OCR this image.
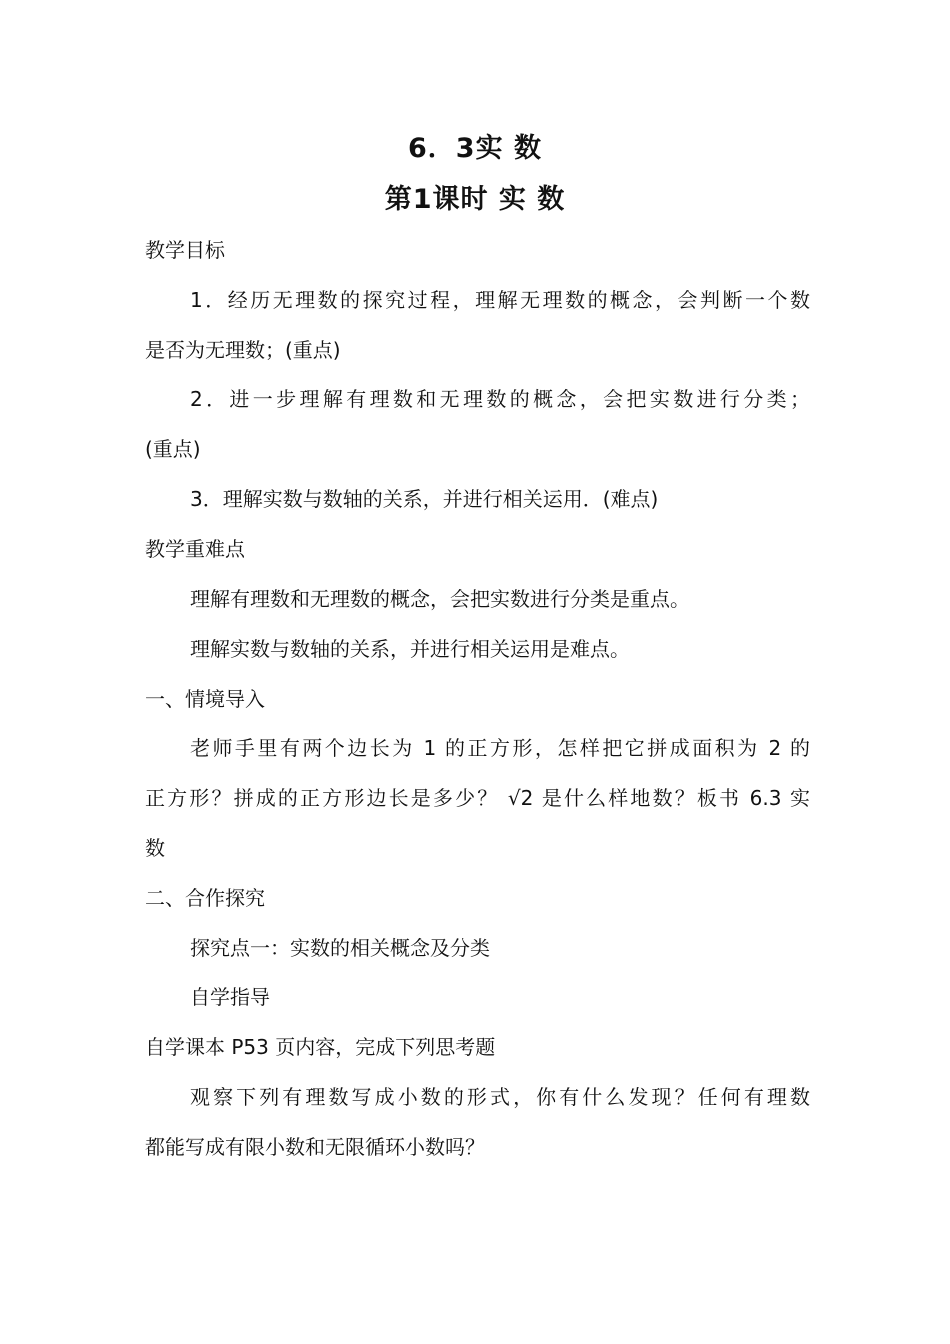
6．3实 数
第1课时 实 数
教学目标
1．经历无理数的探究过程，理解无理数的概念，会判断一个数
是否为无理数；(重点)
2．进一步理解有理数和无理数的概念，会把实数进行分类；
(重点)
3．理解实数与数轴的关系，并进行相关运用．(难点)
教学重难点
理解有理数和无理数的概念，会把实数进行分类是重点。
理解实数与数轴的关系，并进行相关运用是难点。
一、情境导入
老师手里有两个边长为 1 的正方形，怎样把它拼成面积为 2 的
正方形？拼成的正方形边长是多少？ √2 是什么样地数？板书 6.3 实
数
二、合作探究
探究点一：实数的相关概念及分类
自学指导
自学课本 P53 页内容，完成下列思考题
观察下列有理数写成小数的形式，你有什么发现？任何有理数
都能写成有限小数和无限循环小数吗？
